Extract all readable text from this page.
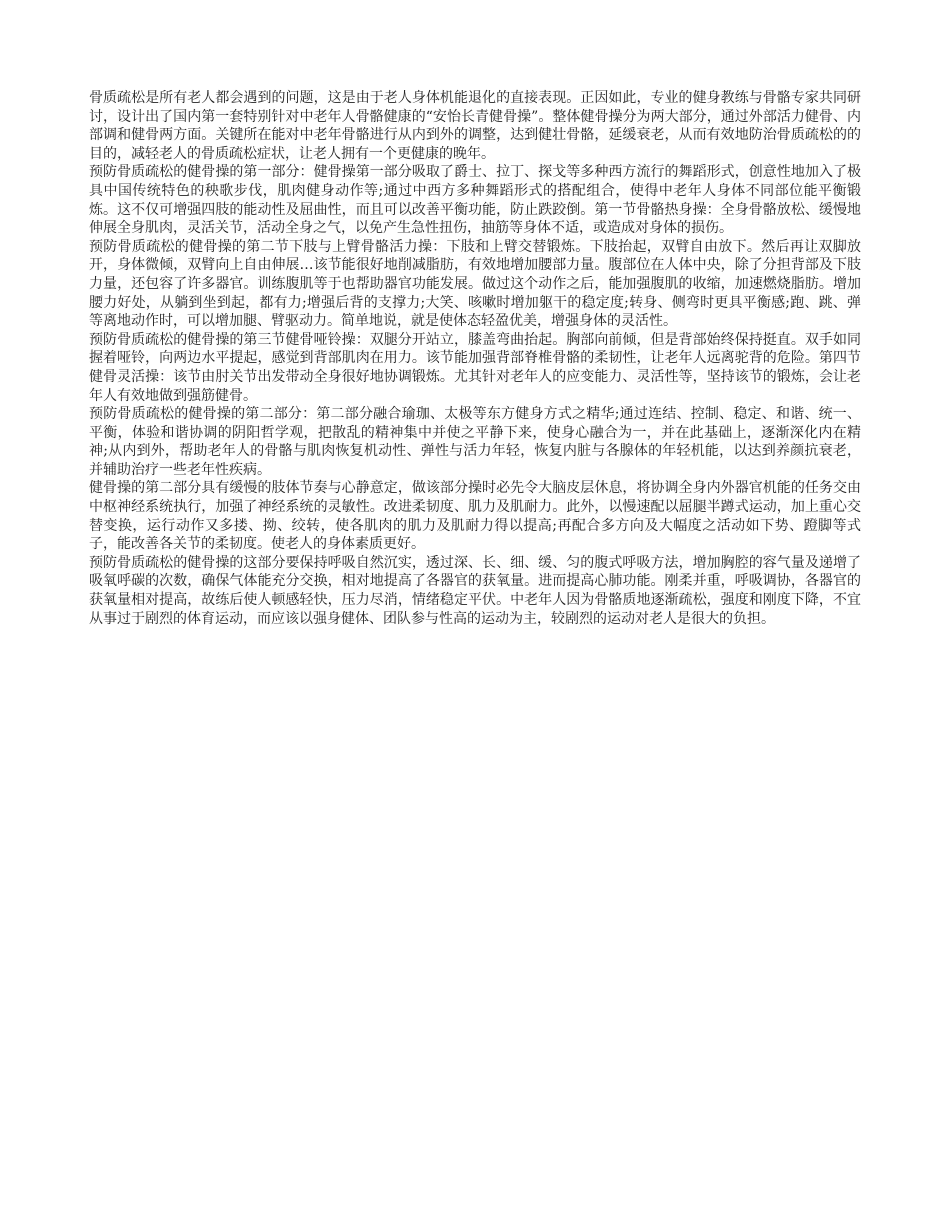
骨质疏松是所有老人都会遇到的问题，这是由于老人身体机能退化的直接表现。正因如此，专业的健身教练与骨骼专家共同研讨，设计出了国内第一套特别针对中老年人骨骼健康的“安怡长青健骨操”。整体健骨操分为两大部分，通过外部活力健骨、内部调和健骨两方面。关键所在能对中老年骨骼进行从内到外的调整，达到健壮骨骼，延缓衰老，从而有效地防治骨质疏松的的目的，减轻老人的骨质疏松症状，让老人拥有一个更健康的晚年。

预防骨质疏松的健骨操的第一部分：健骨操第一部分吸取了爵士、拉丁、探戈等多种西方流行的舞蹈形式，创意性地加入了极具中国传统特色的秧歌步伐，肌肉健身动作等;通过中西方多种舞蹈形式的搭配组合，使得中老年人身体不同部位能平衡锻炼。这不仅可增强四肢的能动性及屈曲性，而且可以改善平衡功能，防止跌跤倒。第一节骨骼热身操：全身骨骼放松、缓慢地伸展全身肌肉，灵活关节，活动全身之气，以免产生急性扭伤，抽筋等身体不适，或造成对身体的损伤。

预防骨质疏松的健骨操的第二节下肢与上臂骨骼活力操：下肢和上臂交替锻炼。下肢抬起，双臂自由放下。然后再让双脚放开，身体微倾，双臂向上自由伸展…该节能很好地削减脂肪，有效地增加腰部力量。腹部位在人体中央，除了分担背部及下肢力量，还包容了许多器官。训练腹肌等于也帮助器官功能发展。做过这个动作之后，能加强腹肌的收缩，加速燃烧脂肪。增加腰力好处，从躺到坐到起，都有力;增强后背的支撑力;大笑、咳嗽时增加躯干的稳定度;转身、侧弯时更具平衡感;跑、跳、弹等离地动作时，可以增加腿、臂驱动力。简单地说，就是使体态轻盈优美，增强身体的灵活性。

预防骨质疏松的健骨操的第三节健骨哑铃操：双腿分开站立，膝盖弯曲抬起。胸部向前倾，但是背部始终保持挺直。双手如同握着哑铃，向两边水平提起，感觉到背部肌肉在用力。该节能加强背部脊椎骨骼的柔韧性，让老年人远离驼背的危险。第四节健骨灵活操：该节由肘关节出发带动全身很好地协调锻炼。尤其针对老年人的应变能力、灵活性等，坚持该节的锻炼，会让老年人有效地做到强筋健骨。

预防骨质疏松的健骨操的第二部分：第二部分融合瑜珈、太极等东方健身方式之精华;通过连结、控制、稳定、和谐、统一、平衡，体验和谐协调的阴阳哲学观，把散乱的精神集中并使之平静下来，使身心融合为一，并在此基础上，逐渐深化内在精神;从内到外，帮助老年人的骨骼与肌肉恢复机动性、弹性与活力年轻，恢复内脏与各腺体的年轻机能，以达到养颜抗衰老，并辅助治疗一些老年性疾病。

健骨操的第二部分具有缓慢的肢体节奏与心静意定，做该部分操时必先令大脑皮层休息，将协调全身内外器官机能的任务交由中枢神经系统执行，加强了神经系统的灵敏性。改进柔韧度、肌力及肌耐力。此外，以慢速配以屈腿半蹲式运动，加上重心交替变换，运行动作又多搂、拗、绞转，使各肌肉的肌力及肌耐力得以提高;再配合多方向及大幅度之活动如下势、蹬脚等式子，能改善各关节的柔韧度。使老人的身体素质更好。

预防骨质疏松的健骨操的这部分要保持呼吸自然沉实，透过深、长、细、缓、匀的腹式呼吸方法，增加胸腔的容气量及递增了吸氧呼碳的次数，确保气体能充分交换，相对地提高了各器官的获氧量。进而提高心肺功能。刚柔并重，呼吸调协，各器官的获氧量相对提高，故练后使人顿感轻快，压力尽消，情绪稳定平伏。中老年人因为骨骼质地逐渐疏松，强度和刚度下降，不宜从事过于剧烈的体育运动，而应该以强身健体、团队参与性高的运动为主，较剧烈的运动对老人是很大的负担。
